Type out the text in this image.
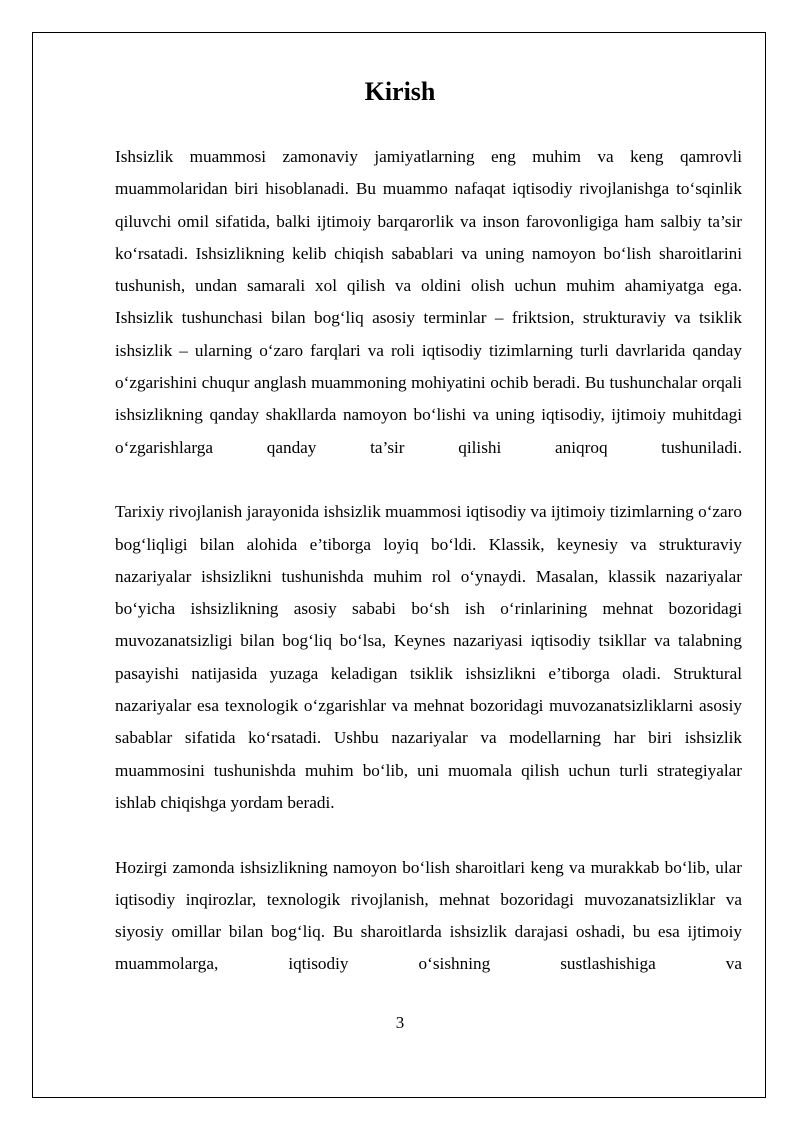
Kirish

Ishsizlik muammosi zamonaviy jamiyatlarning eng muhim va keng qamrovli muammolaridan biri hisoblanadi. Bu muammo nafaqat iqtisodiy rivojlanishga to‘sqinlik qiluvchi omil sifatida, balki ijtimoiy barqarorlik va inson farovonligiga ham salbiy ta’sir ko‘rsatadi. Ishsizlikning kelib chiqish sabablari va uning namoyon bo‘lish sharoitlarini tushunish, undan samarali xol qilish va oldini olish uchun muhim ahamiyatga ega. Ishsizlik tushunchasi bilan bog‘liq asosiy terminlar – friktsion, strukturaviy va tsiklik ishsizlik – ularning o‘zaro farqlari va roli iqtisodiy tizimlarning turli davrlarida qanday o‘zgarishini chuqur anglash muammoning mohiyatini ochib beradi. Bu tushunchalar orqali ishsizlikning qanday shakllarda namoyon bo‘lishi va uning iqtisodiy, ijtimoiy muhitdagi o‘zgarishlarga qanday ta’sir qilishi aniqroq tushuniladi.

Tarixiy rivojlanish jarayonida ishsizlik muammosi iqtisodiy va ijtimoiy tizimlarning o‘zaro bog‘liqligi bilan alohida e’tiborga loyiq bo‘ldi. Klassik, keynesiy va strukturaviy nazariyalar ishsizlikni tushunishda muhim rol o‘ynaydi. Masalan, klassik nazariyalar bo‘yicha ishsizlikning asosiy sababi bo‘sh ish o‘rinlarining mehnat bozoridagi muvozanatsizligi bilan bog‘liq bo‘lsa, Keynes nazariyasi iqtisodiy tsikllar va talabning pasayishi natijasida yuzaga keladigan tsiklik ishsizlikni e’tiborga oladi. Struktural nazariyalar esa texnologik o‘zgarishlar va mehnat bozoridagi muvozanatsizliklarni asosiy sabablar sifatida ko‘rsatadi. Ushbu nazariyalar va modellarning har biri ishsizlik muammosini tushunishda muhim bo‘lib, uni muomala qilish uchun turli strategiyalar ishlab chiqishga yordam beradi.

Hozirgi zamonda ishsizlikning namoyon bo‘lish sharoitlari keng va murakkab bo‘lib, ular iqtisodiy inqirozlar, texnologik rivojlanish, mehnat bozoridagi muvozanatsizliklar va siyosiy omillar bilan bog‘liq. Bu sharoitlarda ishsizlik darajasi oshadi, bu esa ijtimoiy muammolarga, iqtisodiy o‘sishning sustlashishiga va

3
